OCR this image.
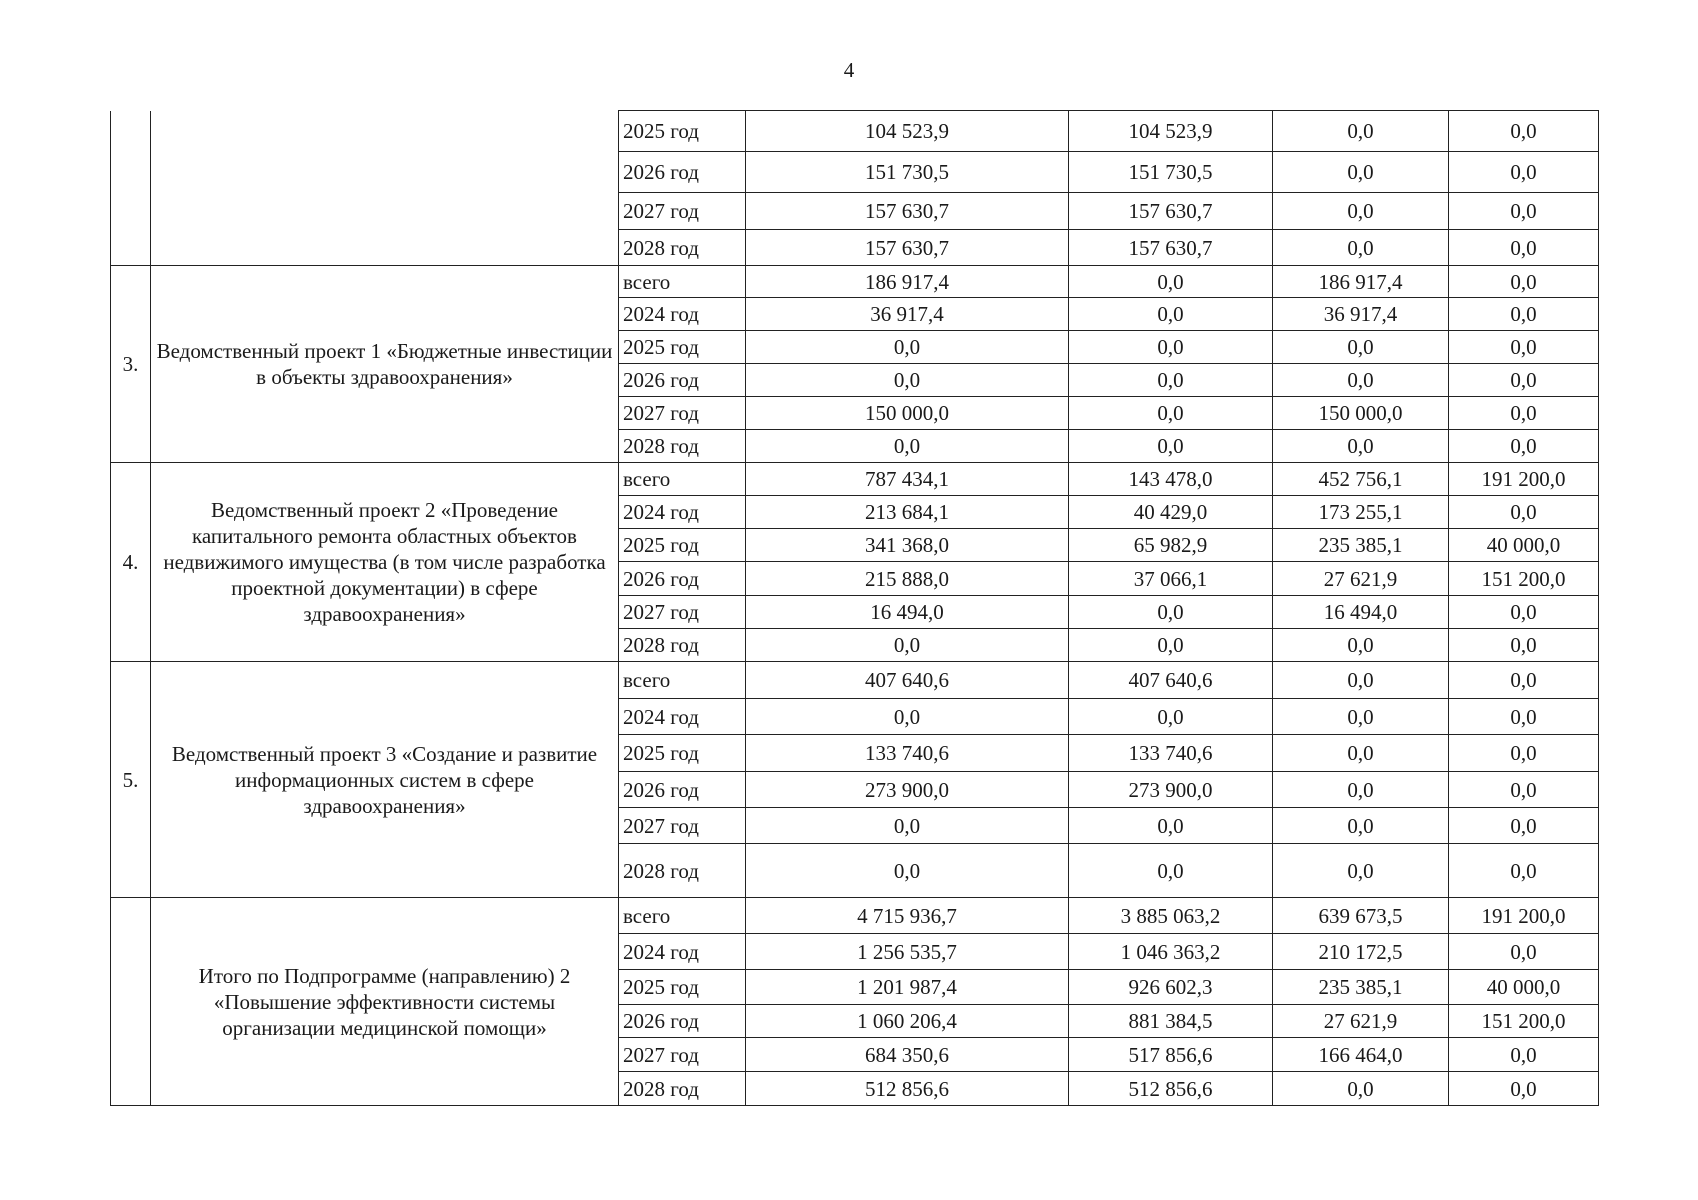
4
		2025 год	104 523,9	104 523,9	0,0	0,0
		2026 год	151 730,5	151 730,5	0,0	0,0
		2027 год	157 630,7	157 630,7	0,0	0,0
		2028 год	157 630,7	157 630,7	0,0	0,0
3.	Ведомственный проект 1 «Бюджетные инвестиции в объекты здравоохранения»	всего	186 917,4	0,0	186 917,4	0,0
		2024 год	36 917,4	0,0	36 917,4	0,0
		2025 год	0,0	0,0	0,0	0,0
		2026 год	0,0	0,0	0,0	0,0
		2027 год	150 000,0	0,0	150 000,0	0,0
		2028 год	0,0	0,0	0,0	0,0
4.	Ведомственный проект 2 «Проведение капитального ремонта областных объектов недвижимого имущества (в том числе разработка проектной документации) в сфере здравоохранения»	всего	787 434,1	143 478,0	452 756,1	191 200,0
		2024 год	213 684,1	40 429,0	173 255,1	0,0
		2025 год	341 368,0	65 982,9	235 385,1	40 000,0
		2026 год	215 888,0	37 066,1	27 621,9	151 200,0
		2027 год	16 494,0	0,0	16 494,0	0,0
		2028 год	0,0	0,0	0,0	0,0
5.	Ведомственный проект 3 «Создание и развитие информационных систем в сфере здравоохранения»	всего	407 640,6	407 640,6	0,0	0,0
		2024 год	0,0	0,0	0,0	0,0
		2025 год	133 740,6	133 740,6	0,0	0,0
		2026 год	273 900,0	273 900,0	0,0	0,0
		2027 год	0,0	0,0	0,0	0,0
		2028 год	0,0	0,0	0,0	0,0
	Итого по Подпрограмме (направлению) 2 «Повышение эффективности системы организации медицинской помощи»	всего	4 715 936,7	3 885 063,2	639 673,5	191 200,0
		2024 год	1 256 535,7	1 046 363,2	210 172,5	0,0
		2025 год	1 201 987,4	926 602,3	235 385,1	40 000,0
		2026 год	1 060 206,4	881 384,5	27 621,9	151 200,0
		2027 год	684 350,6	517 856,6	166 464,0	0,0
		2028 год	512 856,6	512 856,6	0,0	0,0
